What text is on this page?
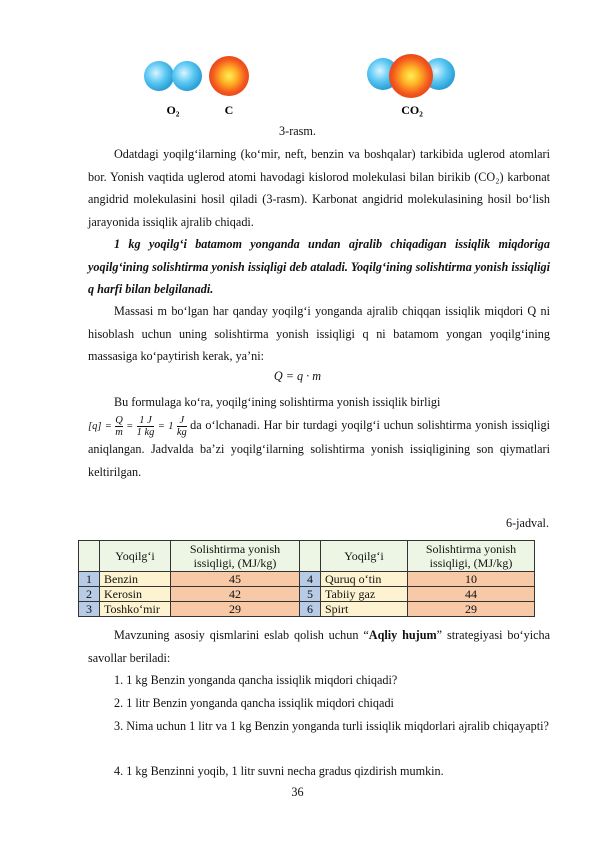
O₂	C	CO₂
3-rasm.

Odatdagi yoqilg‘ilarning (ko‘mir, neft, benzin va boshqalar) tarkibida uglerod atomlari bor. Yonish vaqtida uglerod atomi havodagi kislorod molekulasi bilan birikib (CO₂) karbonat angidrid molekulasini hosil qiladi (3-rasm). Karbonat angidrid molekulasining hosil bo‘lish jarayonida issiqlik ajralib chiqadi.

1 kg yoqilg‘i batamom yonganda undan ajralib chiqadigan issiqlik miqdoriga yoqilg‘ining solishtirma yonish issiqligi deb ataladi. Yoqilg‘ining solishtirma yonish issiqligi q harfi bilan belgilanadi.

Massasi m bo‘lgan har qanday yoqilg‘i yonganda ajralib chiqqan issiqlik miqdori Q ni hisoblash uchun uning solishtirma yonish issiqligi q ni batamom yongan yoqilg‘ining massasiga ko‘paytirish kerak, ya’ni:

Q = q · m

Bu formulaga ko‘ra, yoqilg‘ining solishtirma yonish issiqlik birligi
$[q] = \frac{Q}{m} = \frac{1 J}{1 kg} = 1 \frac{J}{kg}$ da o‘lchanadi. Har bir turdagi yoqilg‘i uchun solishtirma yonish issiqligi aniqlangan. Jadvalda ba’zi yoqilg‘ilarning solishtirma yonish issiqligining son qiymatlari keltirilgan.

6-jadval.
	Yoqilg‘i	Solishtirma yonish issiqligi, (MJ/kg)		Yoqilg‘i	Solishtirma yonish issiqligi, (MJ/kg)
1	Benzin	45	4	Quruq o‘tin	10
2	Kerosin	42	5	Tabiiy gaz	44
3	Toshko‘mir	29	6	Spirt	29

Mavzuning asosiy qismlarini eslab qolish uchun “Aqliy hujum” strategiyasi bo‘yicha savollar beriladi:

1. 1 kg Benzin yonganda qancha issiqlik miqdori chiqadi?

2. 1 litr Benzin yonganda qancha issiqlik miqdori chiqadi

3. Nima uchun 1 litr va 1 kg Benzin yonganda turli issiqlik miqdorlari ajralib chiqayapti?

4. 1 kg Benzinni yoqib, 1 litr suvni necha gradus qizdirish mumkin.

36
